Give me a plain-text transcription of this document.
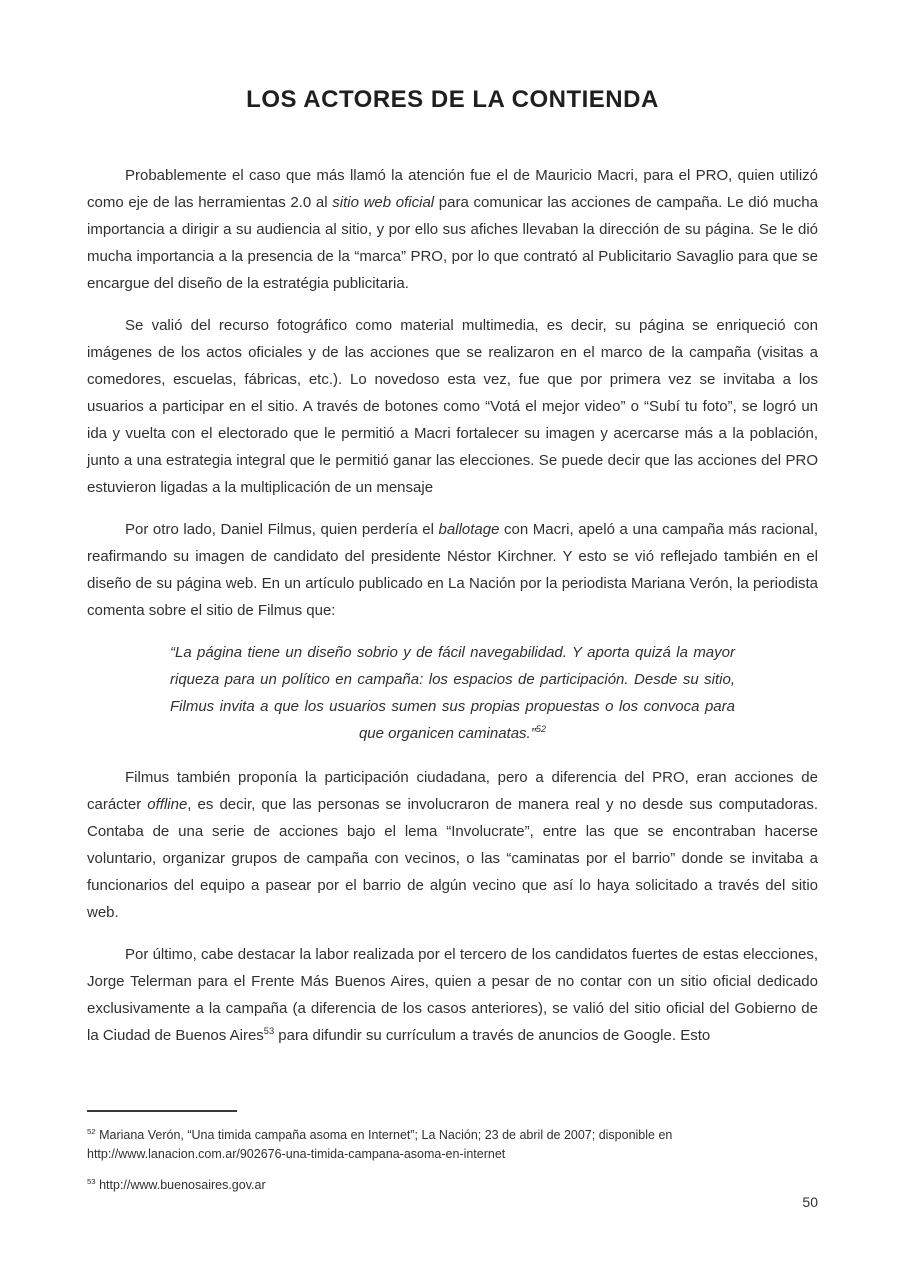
LOS ACTORES DE LA CONTIENDA

Probablemente el caso que más llamó la atención fue el de Mauricio Macri, para el PRO, quien utilizó como eje de las herramientas 2.0 al sitio web oficial para comunicar las acciones de campaña. Le dió mucha importancia a dirigir a su audiencia al sitio, y por ello sus afiches llevaban la dirección de su página. Se le dió mucha importancia a la presencia de la “marca” PRO, por lo que contrató al Publicitario Savaglio para que se encargue del diseño de la estratégia publicitaria.

Se valió del recurso fotográfico como material multimedia, es decir, su página se enriqueció con imágenes de los actos oficiales y de las acciones que se realizaron en el marco de la campaña (visitas a comedores, escuelas, fábricas, etc.). Lo novedoso esta vez, fue que por primera vez se invitaba a los usuarios a participar en el sitio. A través de botones como “Votá el mejor video” o “Subí tu foto”, se logró un ida y vuelta con el electorado que le permitió a Macri fortalecer su imagen y acercarse más a la población, junto a una estrategia integral que le permitió ganar las elecciones. Se puede decir que las acciones del PRO estuvieron ligadas a la multiplicación de un mensaje

Por otro lado, Daniel Filmus, quien perdería el ballotage con Macri, apeló a una campaña más racional, reafirmando su imagen de candidato del presidente Néstor Kirchner. Y esto se vió reflejado también en el diseño de su página web. En un artículo publicado en La Nación por la periodista Mariana Verón, la periodista comenta sobre el sitio de Filmus que:

“La página tiene un diseño sobrio y de fácil navegabilidad. Y aporta quizá la mayor riqueza para un político en campaña: los espacios de participación. Desde su sitio, Filmus invita a que los usuarios sumen sus propias propuestas o los convoca para que organicen caminatas.”$^{52}$

Filmus también proponía la participación ciudadana, pero a diferencia del PRO, eran acciones de carácter offline, es decir, que las personas se involucraron de manera real y no desde sus computadoras. Contaba de una serie de acciones bajo el lema “Involucrate”, entre las que se encontraban hacerse voluntario, organizar grupos de campaña con vecinos, o las “caminatas por el barrio” donde se invitaba a funcionarios del equipo a pasear por el barrio de algún vecino que así lo haya solicitado a través del sitio web.

Por último, cabe destacar la labor realizada por el tercero de los candidatos fuertes de estas elecciones, Jorge Telerman para el Frente Más Buenos Aires, quien a pesar de no contar con un sitio oficial dedicado exclusivamente a la campaña (a diferencia de los casos anteriores), se valió del sitio oficial del Gobierno de la Ciudad de Buenos Aires$^{53}$ para difundir su currículum a través de anuncios de Google. Esto

$^{52}$ Mariana Verón, “Una timida campaña asoma en Internet”; La Nación; 23 de abril de 2007; disponible en http://www.lanacion.com.ar/902676-una-timida-campana-asoma-en-internet

$^{53}$ http://www.buenosaires.gov.ar

50
